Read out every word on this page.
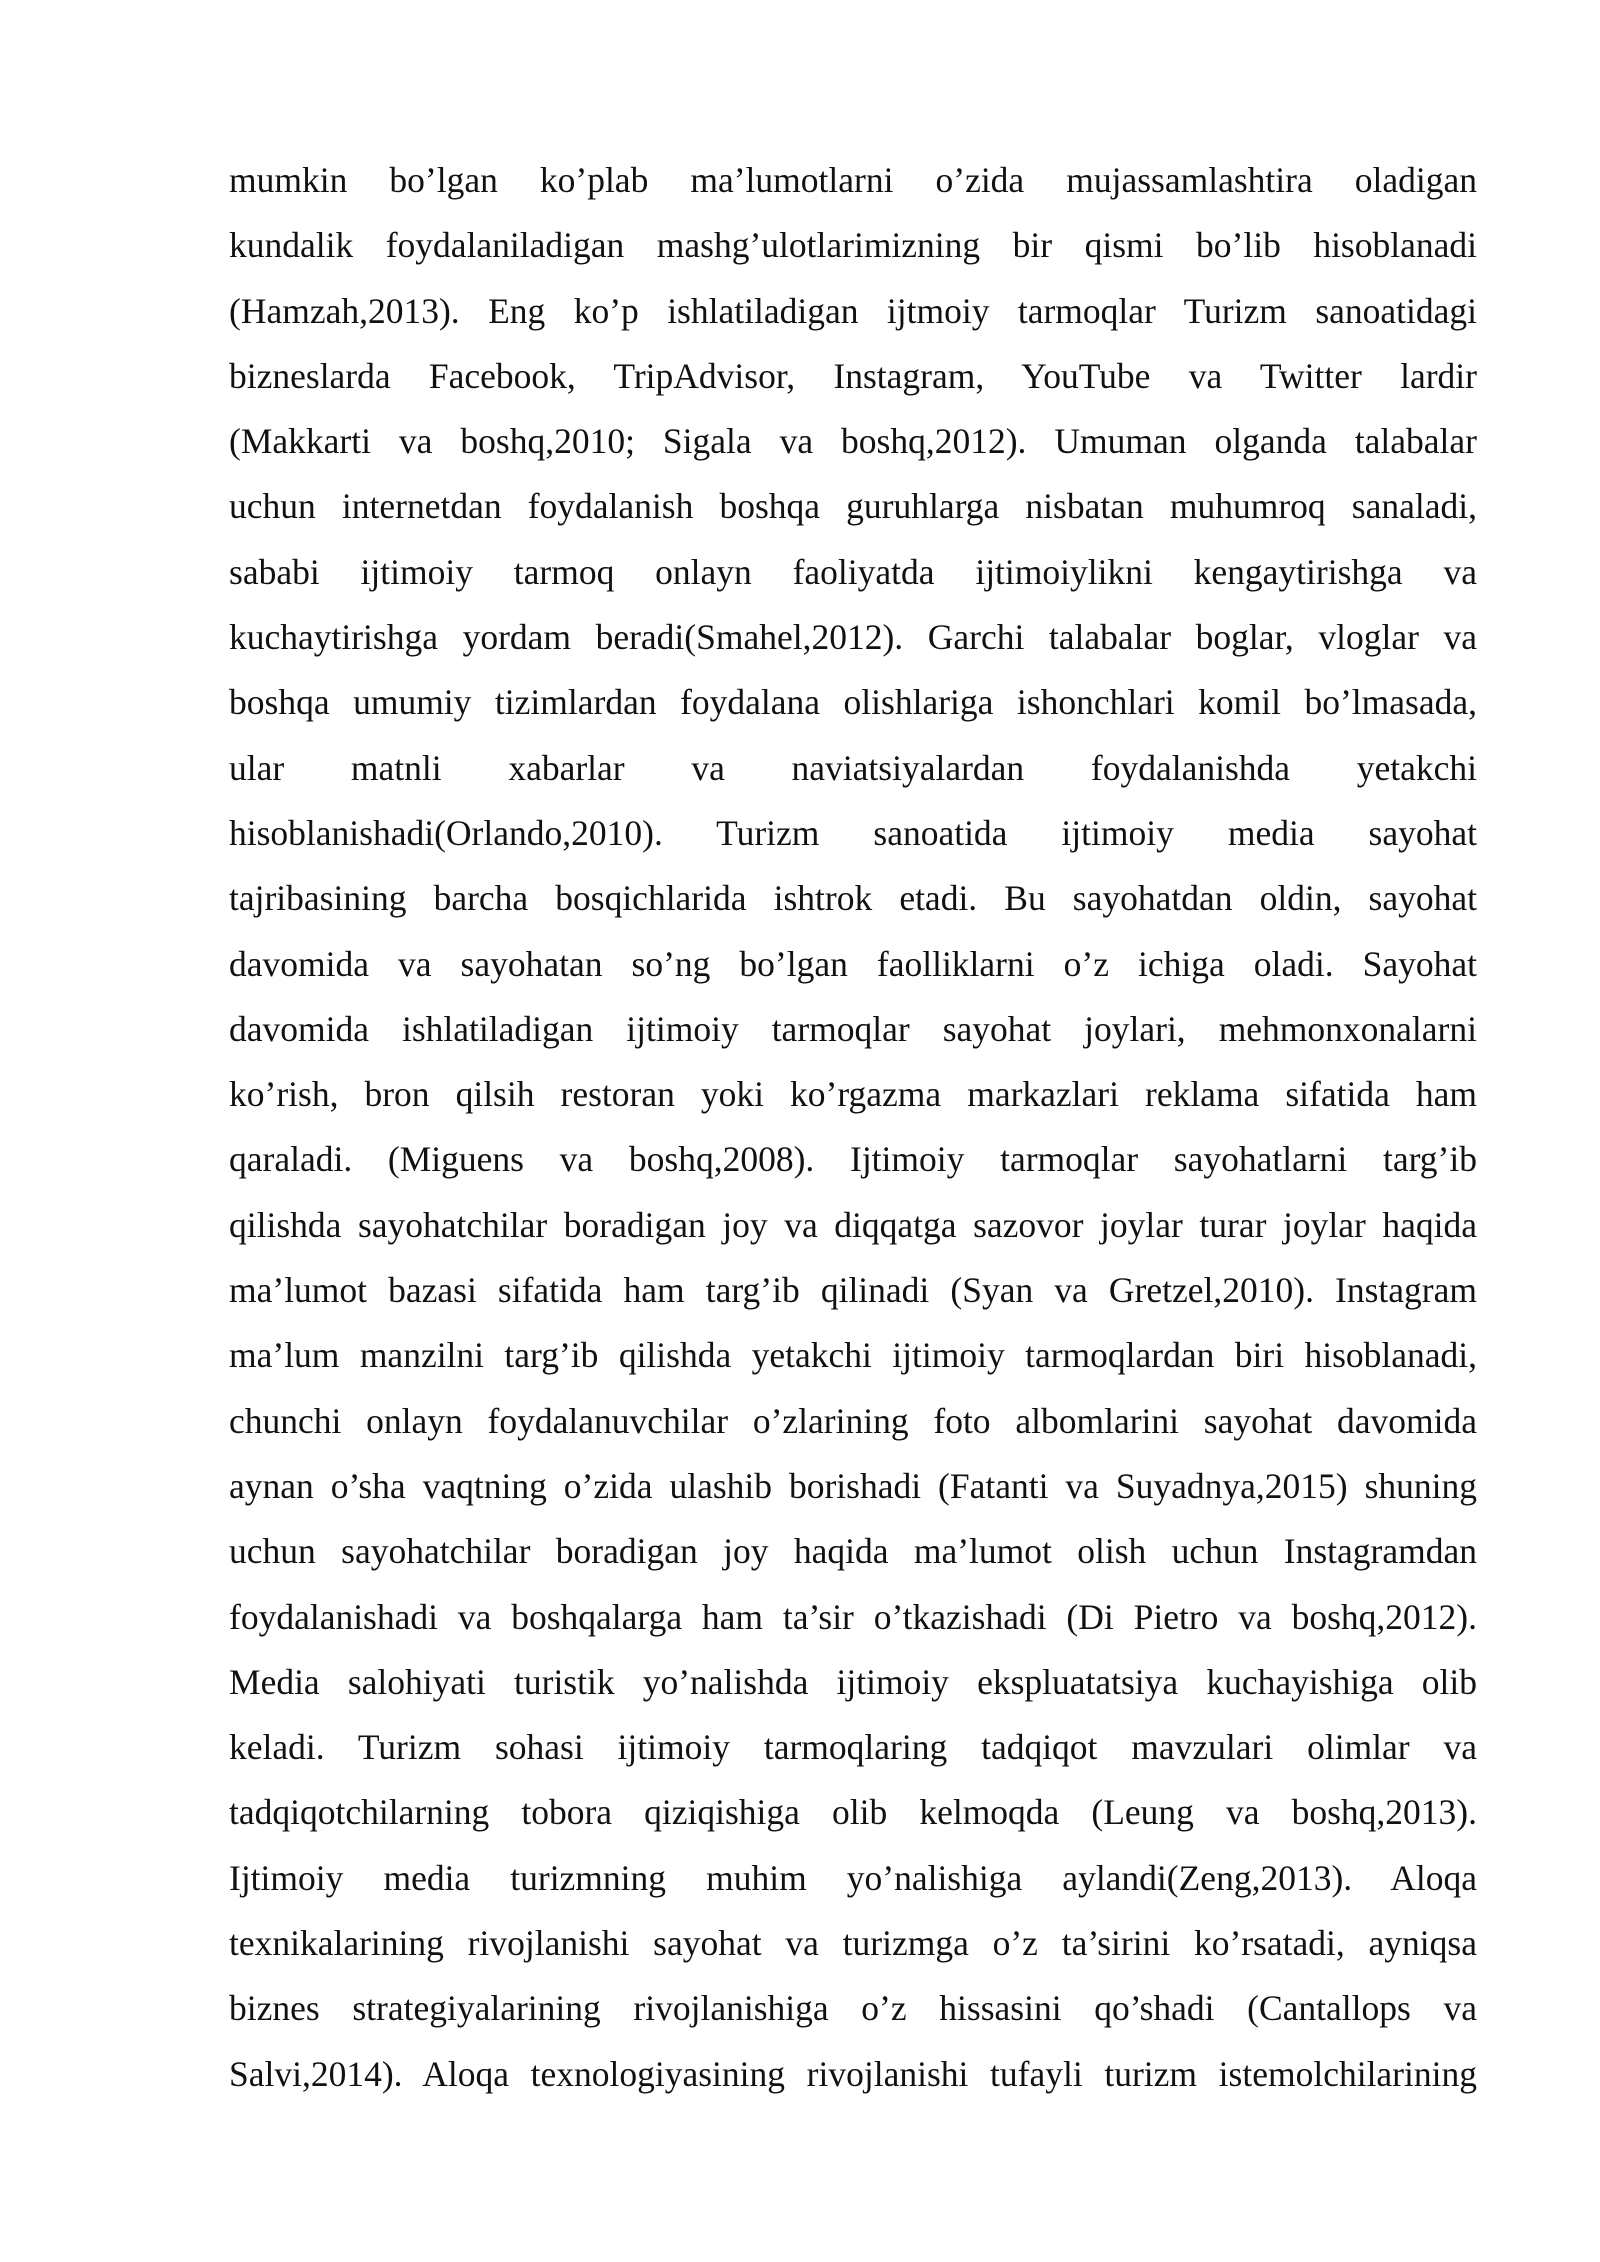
mumkin bo’lgan ko’plab ma’lumotlarni o’zida mujassamlashtira oladigan
kundalik foydalaniladigan mashg’ulotlarimizning bir qismi bo’lib hisoblanadi
(Hamzah,2013). Eng ko’p ishlatiladigan ijtmoiy tarmoqlar Turizm sanoatidagi
bizneslarda Facebook, TripAdvisor, Instagram, YouTube va Twitter lardir
(Makkarti va boshq,2010; Sigala va boshq,2012). Umuman olganda talabalar
uchun internetdan foydalanish boshqa guruhlarga nisbatan muhumroq sanaladi,
sababi ijtimoiy tarmoq onlayn faoliyatda ijtimoiylikni kengaytirishga va
kuchaytirishga yordam beradi(Smahel,2012). Garchi talabalar boglar, vloglar va
boshqa umumiy tizimlardan foydalana olishlariga ishonchlari komil bo’lmasada,
ular matnli xabarlar va naviatsiyalardan foydalanishda yetakchi
hisoblanishadi(Orlando,2010). Turizm sanoatida ijtimoiy media sayohat
tajribasining barcha bosqichlarida ishtrok etadi. Bu sayohatdan oldin, sayohat
davomida va sayohatan so’ng bo’lgan faolliklarni o’z ichiga oladi. Sayohat
davomida ishlatiladigan ijtimoiy tarmoqlar sayohat joylari, mehmonxonalarni
ko’rish, bron qilsih restoran yoki ko’rgazma markazlari reklama sifatida ham
qaraladi. (Miguens va boshq,2008). Ijtimoiy tarmoqlar sayohatlarni targ’ib
qilishda sayohatchilar boradigan joy va diqqatga sazovor joylar turar joylar haqida
ma’lumot bazasi sifatida ham targ’ib qilinadi (Syan va Gretzel,2010). Instagram
ma’lum manzilni targ’ib qilishda yetakchi ijtimoiy tarmoqlardan biri hisoblanadi,
chunchi onlayn foydalanuvchilar o’zlarining foto albomlarini sayohat davomida
aynan o’sha vaqtning o’zida ulashib borishadi (Fatanti va Suyadnya,2015) shuning
uchun sayohatchilar boradigan joy haqida ma’lumot olish uchun Instagramdan
foydalanishadi va boshqalarga ham ta’sir o’tkazishadi (Di Pietro va boshq,2012).
Media salohiyati turistik yo’nalishda ijtimoiy ekspluatatsiya kuchayishiga olib
keladi. Turizm sohasi ijtimoiy tarmoqlaring tadqiqot mavzulari olimlar va
tadqiqotchilarning tobora qiziqishiga olib kelmoqda (Leung va boshq,2013).
Ijtimoiy media turizmning muhim yo’nalishiga aylandi(Zeng,2013). Aloqa
texnikalarining rivojlanishi sayohat va turizmga o’z ta’sirini ko’rsatadi, ayniqsa
biznes strategiyalarining rivojlanishiga o’z hissasini qo’shadi (Cantallops va
Salvi,2014). Aloqa texnologiyasining rivojlanishi tufayli turizm istemolchilarining
